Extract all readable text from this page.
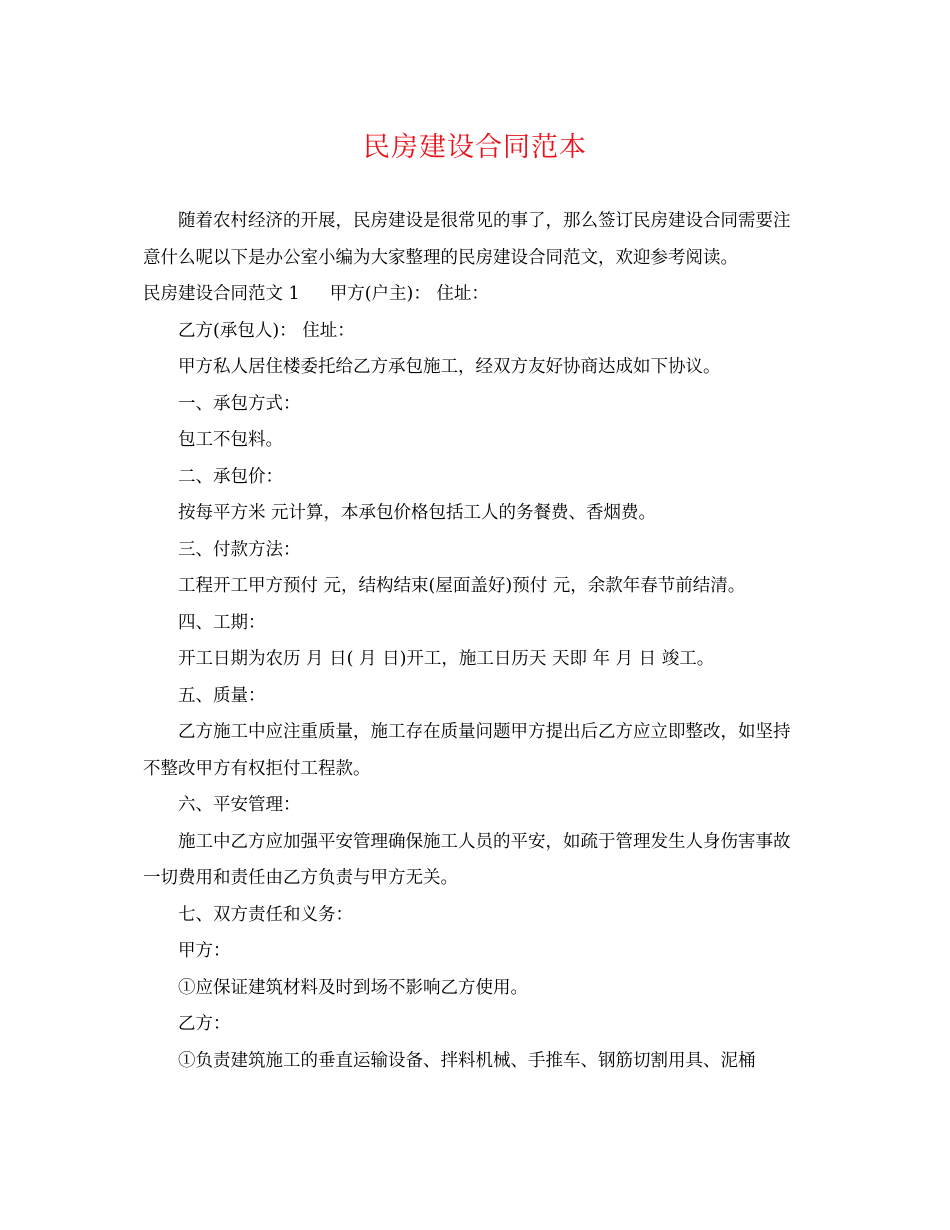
民房建设合同范本

随着农村经济的开展，民房建设是很常见的事了，那么签订民房建设合同需要注意什么呢以下是办公室小编为大家整理的民房建设合同范文，欢迎参考阅读。

民房建设合同范文 1 甲方(户主)： 住址：

乙方(承包人)： 住址：

甲方私人居住楼委托给乙方承包施工，经双方友好协商达成如下协议。

一、承包方式：

包工不包料。

二、承包价：

按每平方米 元计算，本承包价格包括工人的务餐费、香烟费。

三、付款方法：

工程开工甲方预付 元，结构结束(屋面盖好)预付 元，余款年春节前结清。

四、工期：

开工日期为农历 月 日( 月 日)开工，施工日历天 天即 年 月 日 竣工。

五、质量：

乙方施工中应注重质量，施工存在质量问题甲方提出后乙方应立即整改，如坚持不整改甲方有权拒付工程款。

六、平安管理：

施工中乙方应加强平安管理确保施工人员的平安，如疏于管理发生人身伤害事故一切费用和责任由乙方负责与甲方无关。

七、双方责任和义务：

甲方：

①应保证建筑材料及时到场不影响乙方使用。

乙方：

①负责建筑施工的垂直运输设备、拌料机械、手推车、钢筋切割用具、泥桶
